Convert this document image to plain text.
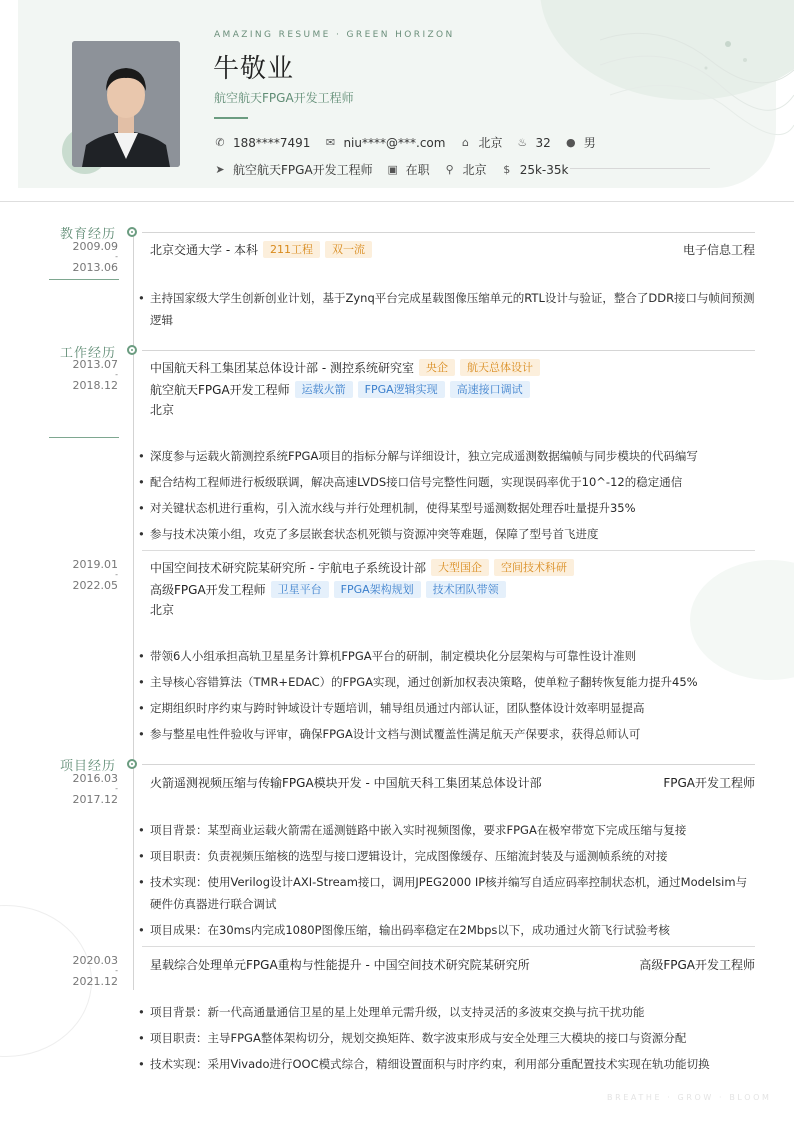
AMAZING RESUME · GREEN HORIZON
牛敬业
航空航天FPGA开发工程师
✆ 188****7491 ✉ niu****@***.com ⌂ 北京 ♨ 32 ● 男
➤ 航空航天FPGA开发工程师 ▣ 在职 ⚲ 北京 $ 25k-35k
教育经历
2009.09
-
2013.06
北京交通大学 - 本科	211工程	双一流	电子信息工程
• 主持国家级大学生创新创业计划，基于Zynq平台完成星载图像压缩单元的RTL设计与验证，整合了DDR接口与帧间预测逻辑
工作经历
2013.07
-
2018.12
中国航天科工集团某总体设计部 - 测控系统研究室	央企	航天总体设计
航空航天FPGA开发工程师	运载火箭	FPGA逻辑实现	高速接口调试
北京
• 深度参与运载火箭测控系统FPGA项目的指标分解与详细设计，独立完成遥测数据编帧与同步模块的代码编写
• 配合结构工程师进行板级联调，解决高速LVDS接口信号完整性问题，实现误码率优于10^-12的稳定通信
• 对关键状态机进行重构，引入流水线与并行处理机制，使得某型号遥测数据处理吞吐量提升35%
• 参与技术决策小组，攻克了多层嵌套状态机死锁与资源冲突等难题，保障了型号首飞进度
2019.01
-
2022.05
中国空间技术研究院某研究所 - 宇航电子系统设计部	大型国企	空间技术科研
高级FPGA开发工程师	卫星平台	FPGA架构规划	技术团队带领
北京
• 带领6人小组承担高轨卫星星务计算机FPGA平台的研制，制定模块化分层架构与可靠性设计准则
• 主导核心容错算法（TMR+EDAC）的FPGA实现，通过创新加权表决策略，使单粒子翻转恢复能力提升45%
• 定期组织时序约束与跨时钟域设计专题培训，辅导组员通过内部认证，团队整体设计效率明显提高
• 参与整星电性件验收与评审，确保FPGA设计文档与测试覆盖性满足航天产保要求，获得总师认可
项目经历
2016.03
-
2017.12
火箭遥测视频压缩与传输FPGA模块开发 - 中国航天科工集团某总体设计部	FPGA开发工程师
• 项目背景：某型商业运载火箭需在遥测链路中嵌入实时视频图像，要求FPGA在极窄带宽下完成压缩与复接
• 项目职责：负责视频压缩核的选型与接口逻辑设计，完成图像缓存、压缩流封装及与遥测帧系统的对接
• 技术实现：使用Verilog设计AXI-Stream接口，调用JPEG2000 IP核并编写自适应码率控制状态机，通过Modelsim与硬件仿真器进行联合调试
• 项目成果：在30ms内完成1080P图像压缩，输出码率稳定在2Mbps以下，成功通过火箭飞行试验考核
2020.03
-
2021.12
星载综合处理单元FPGA重构与性能提升 - 中国空间技术研究院某研究所	高级FPGA开发工程师
• 项目背景：新一代高通量通信卫星的星上处理单元需升级，以支持灵活的多波束交换与抗干扰功能
• 项目职责：主导FPGA整体架构切分，规划交换矩阵、数字波束形成与安全处理三大模块的接口与资源分配
• 技术实现：采用Vivado进行OOC模式综合，精细设置面积与时序约束，利用部分重配置技术实现在轨功能切换
BREATHE · GROW · BLOOM
